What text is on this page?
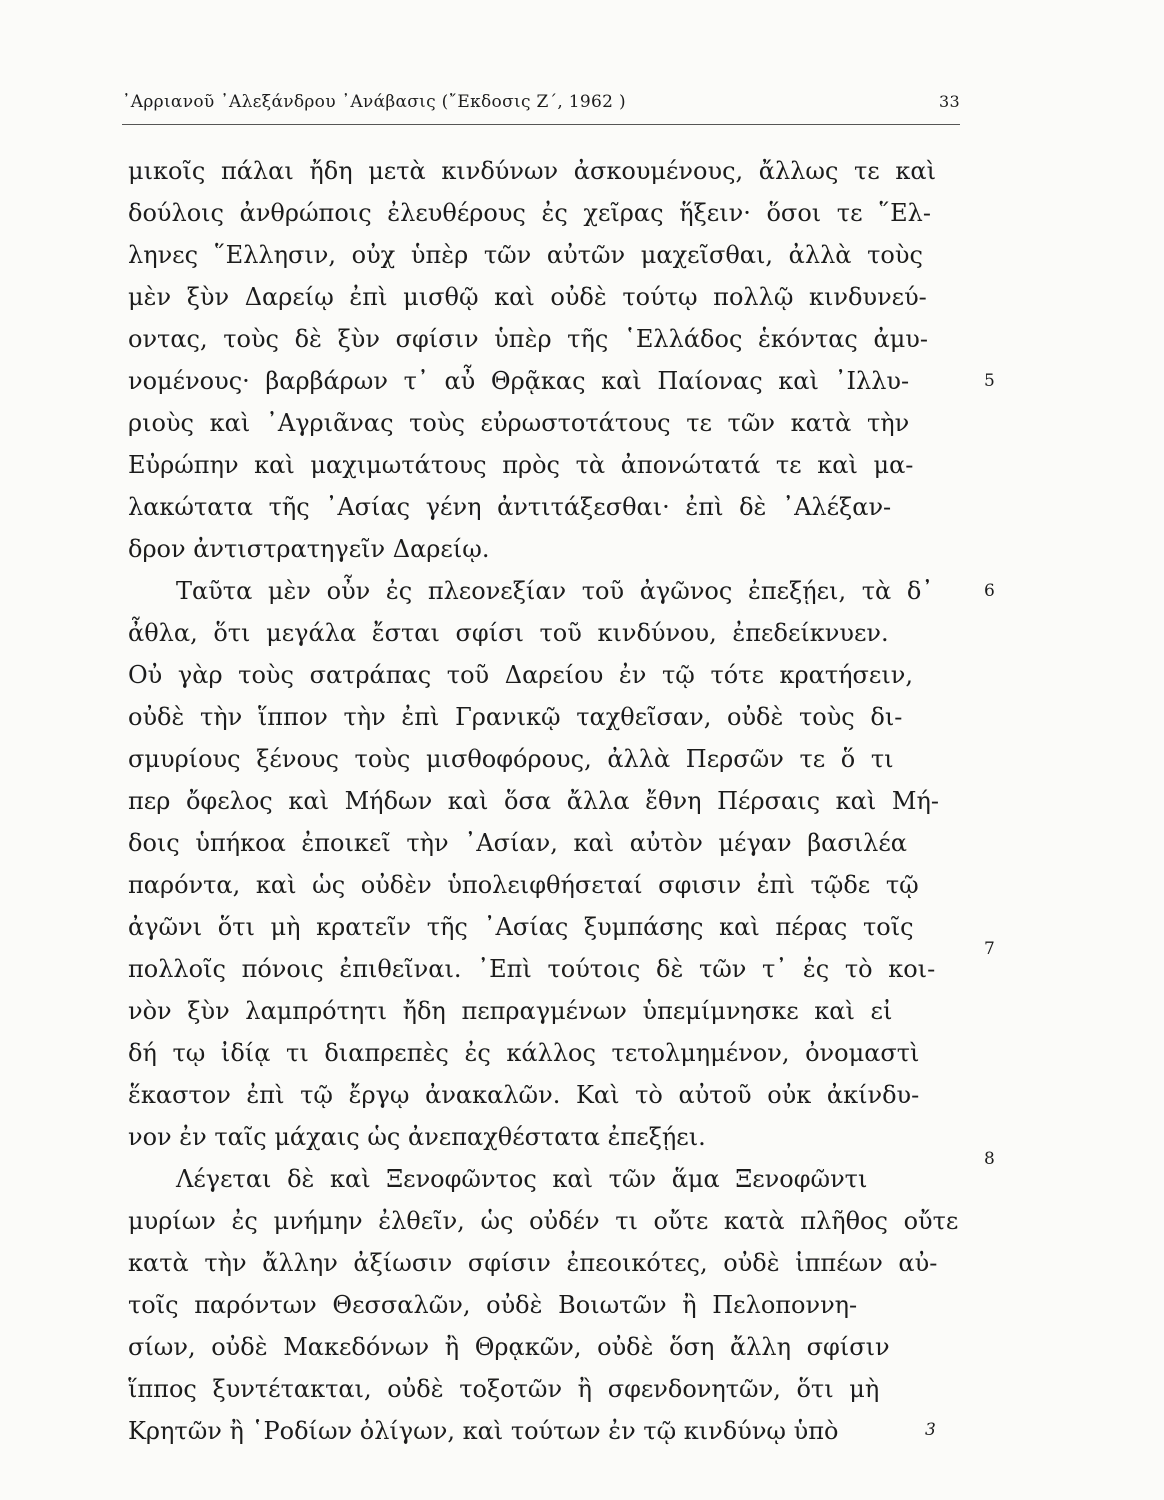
᾿Αρριανοῦ ᾿Αλεξάνδρου ᾿Ανάβασις (῎Εκδοσις Ζ΄, 1962 )	33
μικοῖς πάλαι ἤδη μετὰ κινδύνων ἀσκουμένους, ἄλλως τε καὶ
δούλοις ἀνθρώποις ἐλευθέρους ἐς χεῖρας ἥξειν· ὅσοι τε ῞Ελ-
ληνες ῞Ελλησιν, οὐχ ὑπὲρ τῶν αὐτῶν μαχεῖσθαι, ἀλλὰ τοὺς
μὲν ξὺν Δαρείῳ ἐπὶ μισθῷ καὶ οὐδὲ τούτῳ πολλῷ κινδυνεύ-
οντας, τοὺς δὲ ξὺν σφίσιν ὑπὲρ τῆς ῾Ελλάδος ἑκόντας ἀμυ-
νομένους· βαρβάρων τ᾿ αὖ Θρᾷκας καὶ Παίονας καὶ ᾿Ιλλυ-
ριοὺς καὶ ᾿Αγριᾶνας τοὺς εὐρωστοτάτους τε τῶν κατὰ τὴν
Εὐρώπην καὶ μαχιμωτάτους πρὸς τὰ ἀπονώτατά τε καὶ μα-
λακώτατα τῆς ᾿Ασίας γένη ἀντιτάξεσθαι· ἐπὶ δὲ ᾿Αλέξαν-
δρον ἀντιστρατηγεῖν Δαρείῳ.
Ταῦτα μὲν οὖν ἐς πλεονεξίαν τοῦ ἀγῶνος ἐπεξῄει, τὰ δ᾿
ἆθλα, ὅτι μεγάλα ἔσται σφίσι τοῦ κινδύνου, ἐπεδείκνυεν.
Οὐ γὰρ τοὺς σατράπας τοῦ Δαρείου ἐν τῷ τότε κρατήσειν,
οὐδὲ τὴν ἵππον τὴν ἐπὶ Γρανικῷ ταχθεῖσαν, οὐδὲ τοὺς δι-
σμυρίους ξένους τοὺς μισθοφόρους, ἀλλὰ Περσῶν τε ὅ τι
περ ὄφελος καὶ Μήδων καὶ ὅσα ἄλλα ἔθνη Πέρσαις καὶ Μή-
δοις ὑπήκοα ἐποικεῖ τὴν ᾿Ασίαν, καὶ αὐτὸν μέγαν βασιλέα
παρόντα, καὶ ὡς οὐδὲν ὑπολειφθήσεταί σφισιν ἐπὶ τῷδε τῷ
ἀγῶνι ὅτι μὴ κρατεῖν τῆς ᾿Ασίας ξυμπάσης καὶ πέρας τοῖς
πολλοῖς πόνοις ἐπιθεῖναι. ᾿Επὶ τούτοις δὲ τῶν τ᾿ ἐς τὸ κοι-
νὸν ξὺν λαμπρότητι ἤδη πεπραγμένων ὑπεμίμνησκε καὶ εἰ
δή τῳ ἰδίᾳ τι διαπρεπὲς ἐς κάλλος τετολμημένον, ὀνομαστὶ
ἕκαστον ἐπὶ τῷ ἔργῳ ἀνακαλῶν. Καὶ τὸ αὐτοῦ οὐκ ἀκίνδυ-
νον ἐν ταῖς μάχαις ὡς ἀνεπαχθέστατα ἐπεξῄει.
Λέγεται δὲ καὶ Ξενοφῶντος καὶ τῶν ἅμα Ξενοφῶντι
μυρίων ἐς μνήμην ἐλθεῖν, ὡς οὐδέν τι οὔτε κατὰ πλῆθος οὔτε
κατὰ τὴν ἄλλην ἀξίωσιν σφίσιν ἐπεοικότες, οὐδὲ ἱππέων αὐ-
τοῖς παρόντων Θεσσαλῶν, οὐδὲ Βοιωτῶν ἢ Πελοποννη-
σίων, οὐδὲ Μακεδόνων ἢ Θρᾳκῶν, οὐδὲ ὅση ἄλλη σφίσιν
ἵππος ξυντέτακται, οὐδὲ τοξοτῶν ἢ σφενδονητῶν, ὅτι μὴ
Κρητῶν ἢ ῾Ροδίων ὀλίγων, καὶ τούτων ἐν τῷ κινδύνῳ ὑπὸ
5
6
7
8
3
